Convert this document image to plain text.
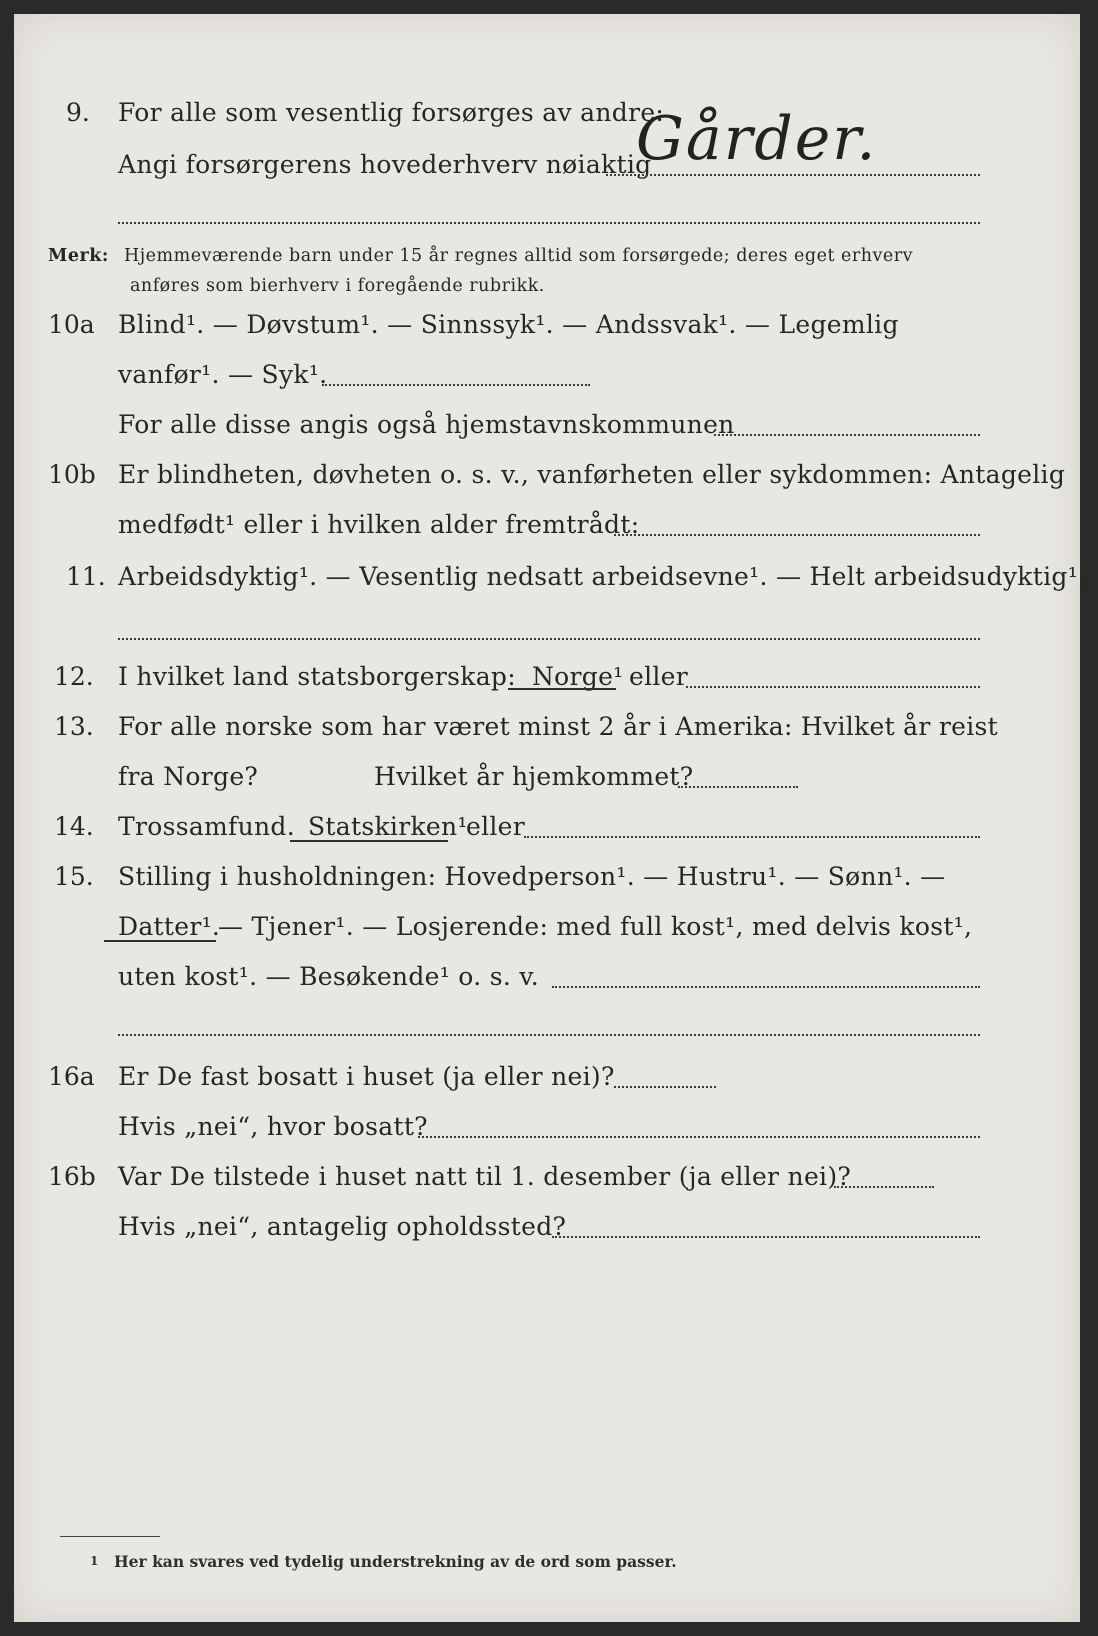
9. For alle som vesentlig forsørges av andre:
Angi forsørgerens hovederhverv nøiaktig
Gårder.
Merk: Hjemmeværende barn under 15 år regnes alltid som forsørgede; deres eget erhverv
anføres som bierhverv i foregående rubrikk.
10a Blind¹. — Døvstum¹. — Sinnssyk¹. — Andssvak¹. — Legemlig
vanfør¹. — Syk¹.
For alle disse angis også hjemstavnskommunen
10b Er blindheten, døvheten o. s. v., vanførheten eller sykdommen: Antagelig
medfødt¹ eller i hvilken alder fremtrådt:
11. Arbeidsdyktig¹. — Vesentlig nedsatt arbeidsevne¹. — Helt arbeidsudyktig¹.
12. I hvilket land statsborgerskap: Norge¹ eller
13. For alle norske som har været minst 2 år i Amerika: Hvilket år reist
fra Norge?	Hvilket år hjemkommet?
14. Trossamfund. Statskirken¹
eller
15. Stilling i husholdningen: Hovedperson¹. — Hustru¹. — Sønn¹. —
Datter¹.
— Tjener¹. — Losjerende: med full kost¹, med delvis kost¹,
uten kost¹. — Besøkende¹ o. s. v.
16a Er De fast bosatt i huset (ja eller nei)?
Hvis „nei“, hvor bosatt?
16b Var De tilstede i huset natt til 1. desember (ja eller nei)?
Hvis „nei“, antagelig opholdssted?
1 Her kan svares ved tydelig understrekning av de ord som passer.
